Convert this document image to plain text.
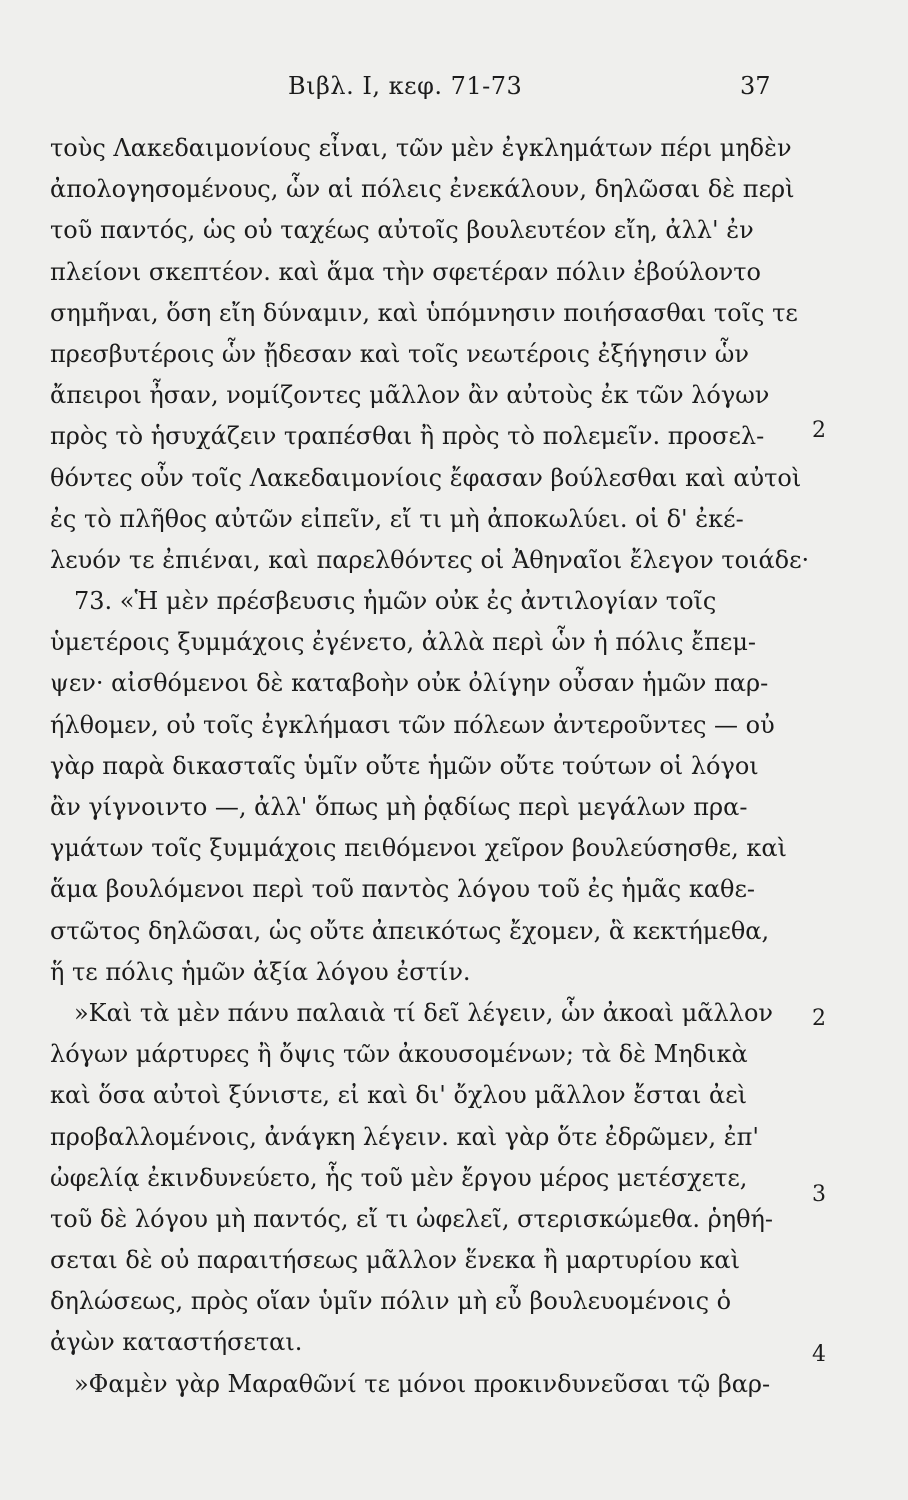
Βιβλ. Ι, κεφ. 71-73	37
τοὺς Λακεδαιμονίους εἶναι, τῶν μὲν ἐγκλημάτων πέρι μηδὲν
ἀπολογησομένους, ὧν αἱ πόλεις ἐνεκάλουν, δηλῶσαι δὲ περὶ
τοῦ παντός, ὡς οὐ ταχέως αὐτοῖς βουλευτέον εἴη, ἀλλ' ἐν
πλείονι σκεπτέον. καὶ ἅμα τὴν σφετέραν πόλιν ἐβούλοντο
σημῆναι, ὅση εἴη δύναμιν, καὶ ὑπόμνησιν ποιήσασθαι τοῖς τε
πρεσβυτέροις ὧν ᾔδεσαν καὶ τοῖς νεωτέροις ἐξήγησιν ὧν
ἄπειροι ἦσαν, νομίζοντες μᾶλλον ἂν αὐτοὺς ἐκ τῶν λόγων
πρὸς τὸ ἡσυχάζειν τραπέσθαι ἢ πρὸς τὸ πολεμεῖν. προσελ-
θόντες οὖν τοῖς Λακεδαιμονίοις ἔφασαν βούλεσθαι καὶ αὐτοὶ
ἐς τὸ πλῆθος αὐτῶν εἰπεῖν, εἴ τι μὴ ἀποκωλύει. οἱ δ' ἐκέ-
λευόν τε ἐπιέναι, καὶ παρελθόντες οἱ Ἀθηναῖοι ἔλεγον τοιάδε·
73. «Ἡ μὲν πρέσβευσις ἡμῶν οὐκ ἐς ἀντιλογίαν τοῖς
ὑμετέροις ξυμμάχοις ἐγένετο, ἀλλὰ περὶ ὧν ἡ πόλις ἔπεμ-
ψεν· αἰσθόμενοι δὲ καταβοὴν οὐκ ὀλίγην οὖσαν ἡμῶν παρ-
ήλθομεν, οὐ τοῖς ἐγκλήμασι τῶν πόλεων ἀντεροῦντες — οὐ
γὰρ παρὰ δικασταῖς ὑμῖν οὔτε ἡμῶν οὔτε τούτων οἱ λόγοι
ἂν γίγνοιντο —, ἀλλ' ὅπως μὴ ῥᾳδίως περὶ μεγάλων πρα-
γμάτων τοῖς ξυμμάχοις πειθόμενοι χεῖρον βουλεύσησθε, καὶ
ἅμα βουλόμενοι περὶ τοῦ παντὸς λόγου τοῦ ἐς ἡμᾶς καθε-
στῶτος δηλῶσαι, ὡς οὔτε ἀπεικότως ἔχομεν, ἃ κεκτήμεθα,
ἥ τε πόλις ἡμῶν ἀξία λόγου ἐστίν.
»Καὶ τὰ μὲν πάνυ παλαιὰ τί δεῖ λέγειν, ὧν ἀκοαὶ μᾶλλον
λόγων μάρτυρες ἢ ὄψις τῶν ἀκουσομένων; τὰ δὲ Μηδικὰ
καὶ ὅσα αὐτοὶ ξύνιστε, εἰ καὶ δι' ὄχλου μᾶλλον ἔσται ἀεὶ
προβαλλομένοις, ἀνάγκη λέγειν. καὶ γὰρ ὅτε ἐδρῶμεν, ἐπ'
ὠφελίᾳ ἐκινδυνεύετο, ἧς τοῦ μὲν ἔργου μέρος μετέσχετε,
τοῦ δὲ λόγου μὴ παντός, εἴ τι ὠφελεῖ, στερισκώμεθα. ῥηθή-
σεται δὲ οὐ παραιτήσεως μᾶλλον ἕνεκα ἢ μαρτυρίου καὶ
δηλώσεως, πρὸς οἵαν ὑμῖν πόλιν μὴ εὖ βουλευομένοις ὁ
ἀγὼν καταστήσεται.
»Φαμὲν γὰρ Μαραθῶνί τε μόνοι προκινδυνεῦσαι τῷ βαρ-
2
2
3
4
